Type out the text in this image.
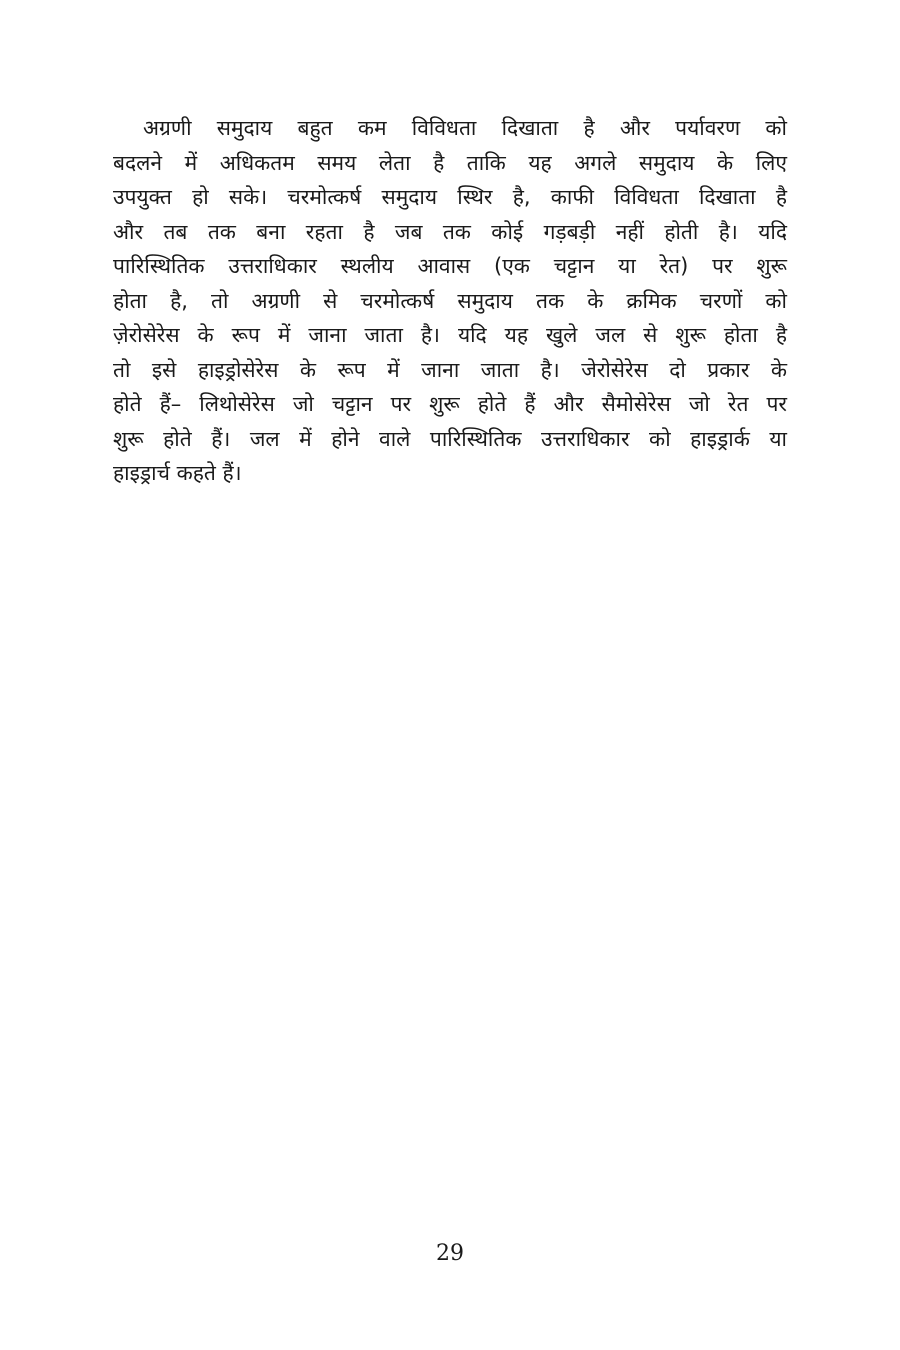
अग्रणी समुदाय बहुत कम विविधता दिखाता है और पर्यावरण को
बदलने में अधिकतम समय लेता है ताकि यह अगले समुदाय के लिए
उपयुक्त हो सके। चरमोत्कर्ष समुदाय स्थिर है, काफी विविधता दिखाता है
और तब तक बना रहता है जब तक कोई गड़बड़ी नहीं होती है। यदि
पारिस्थितिक उत्तराधिकार स्थलीय आवास (एक चट्टान या रेत) पर शुरू
होता है, तो अग्रणी से चरमोत्कर्ष समुदाय तक के क्रमिक चरणों को
ज़ेरोसेरेस के रूप में जाना जाता है। यदि यह खुले जल से शुरू होता है
तो इसे हाइड्रोसेरेस के रूप में जाना जाता है। जेरोसेरेस दो प्रकार के
होते हैं– लिथोसेरेस जो चट्टान पर शुरू होते हैं और सैमोसेरेस जो रेत पर
शुरू होते हैं। जल में होने वाले पारिस्थितिक उत्तराधिकार को हाइड्रार्क या
हाइड्रार्च कहते हैं।
29
